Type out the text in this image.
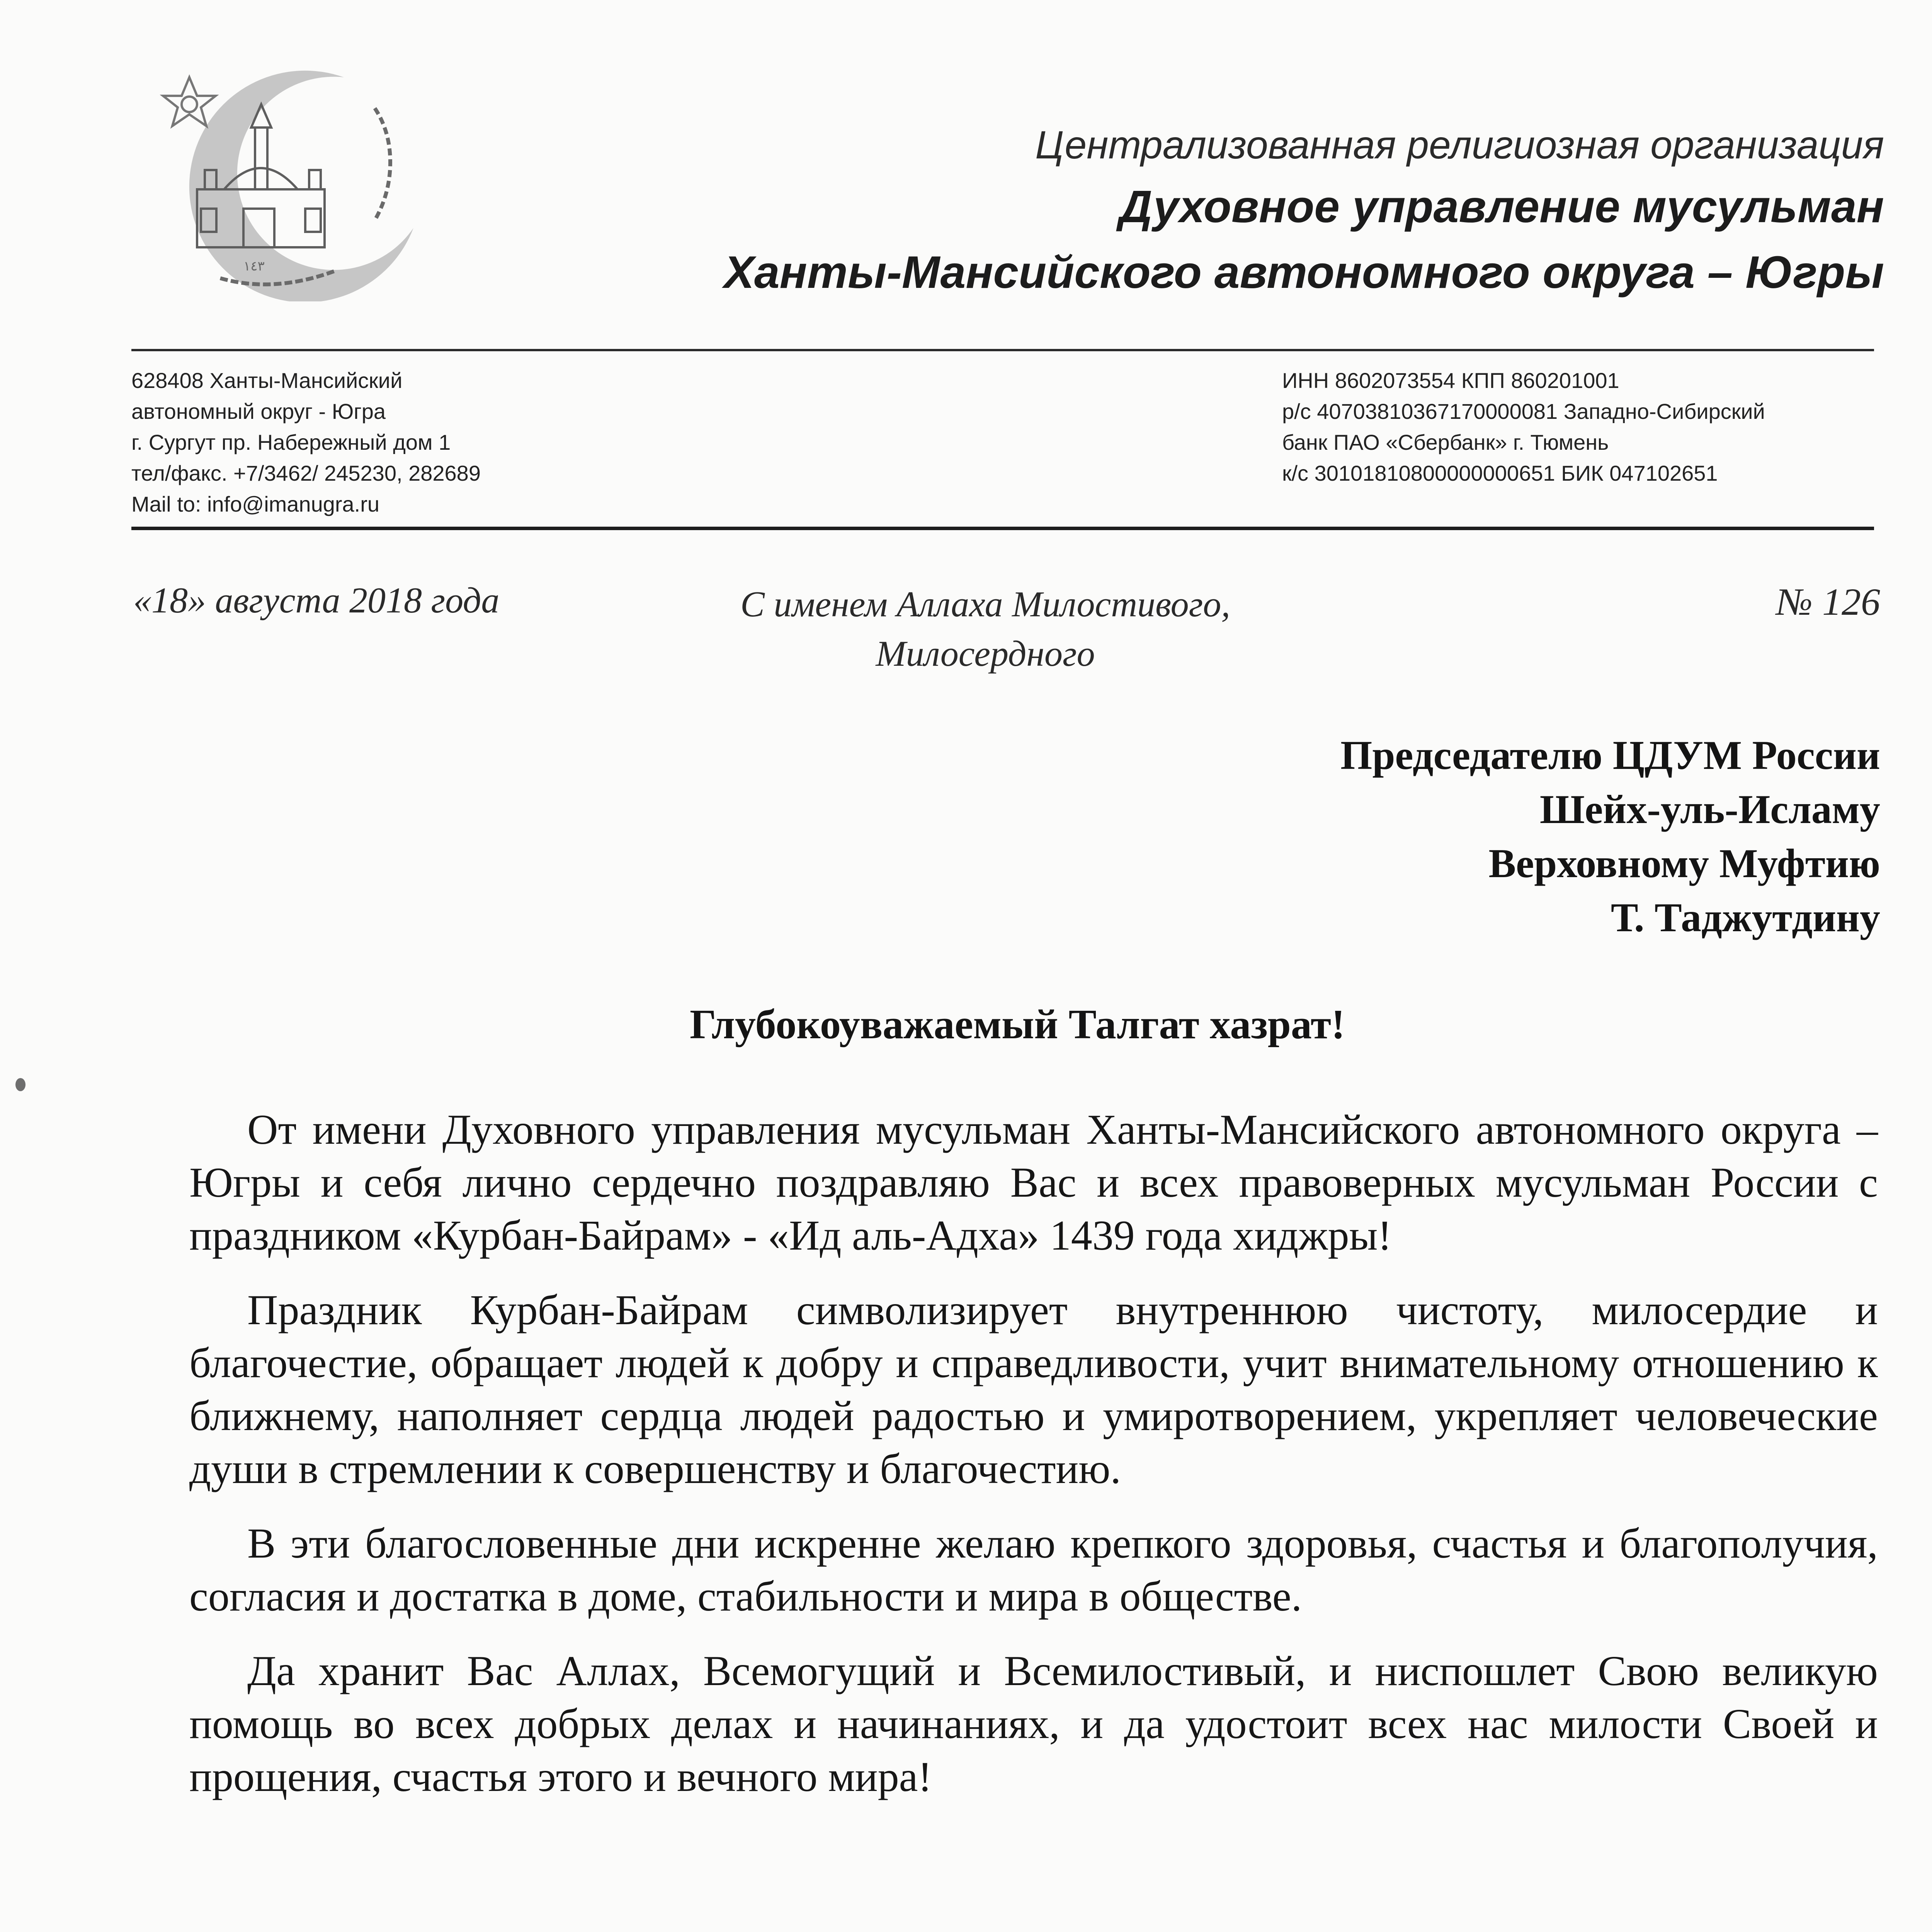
١٤٣
Централизованная религиозная организация
Духовное управление мусульман
Ханты-Мансийского автономного округа – Югры
628408 Ханты-Мансийский
автономный округ - Югра
г. Сургут пр. Набережный дом 1
тел/факс. +7/3462/ 245230, 282689
Mail to: info@imanugra.ru
ИНН 8602073554 КПП 860201001
р/с 40703810367170000081 Западно-Сибирский
банк ПАО «Сбербанк» г. Тюмень
к/с 30101810800000000651 БИК 047102651
«18» августа 2018 года	С именем Аллаха Милостивого,
Милосердного
№ 126
Председателю ЦДУМ России
Шейх-уль-Исламу
Верховному Муфтию
Т. Таджутдину
Глубокоуважаемый Талгат хазрат!

От имени Духовного управления мусульман Ханты-Мансийского автономного округа – Югры и себя лично сердечно поздравляю Вас и всех правоверных мусульман России с праздником «Курбан-Байрам» - «Ид аль-Адха» 1439 года хиджры!

Праздник Курбан-Байрам символизирует внутреннюю чистоту, милосердие и благочестие, обращает людей к добру и справедливости, учит внимательному отношению к ближнему, наполняет сердца людей радостью и умиротворением, укрепляет человеческие души в стремлении к совершенству и благочестию.

В эти благословенные дни искренне желаю крепкого здоровья, счастья и благополучия, согласия и достатка в доме, стабильности и мира в обществе.

Да хранит Вас Аллах, Всемогущий и Всемилостивый, и ниспошлет Свою великую помощь во всех добрых делах и начинаниях, и да удостоит всех нас милости Своей и прощения, счастья этого и вечного мира!
